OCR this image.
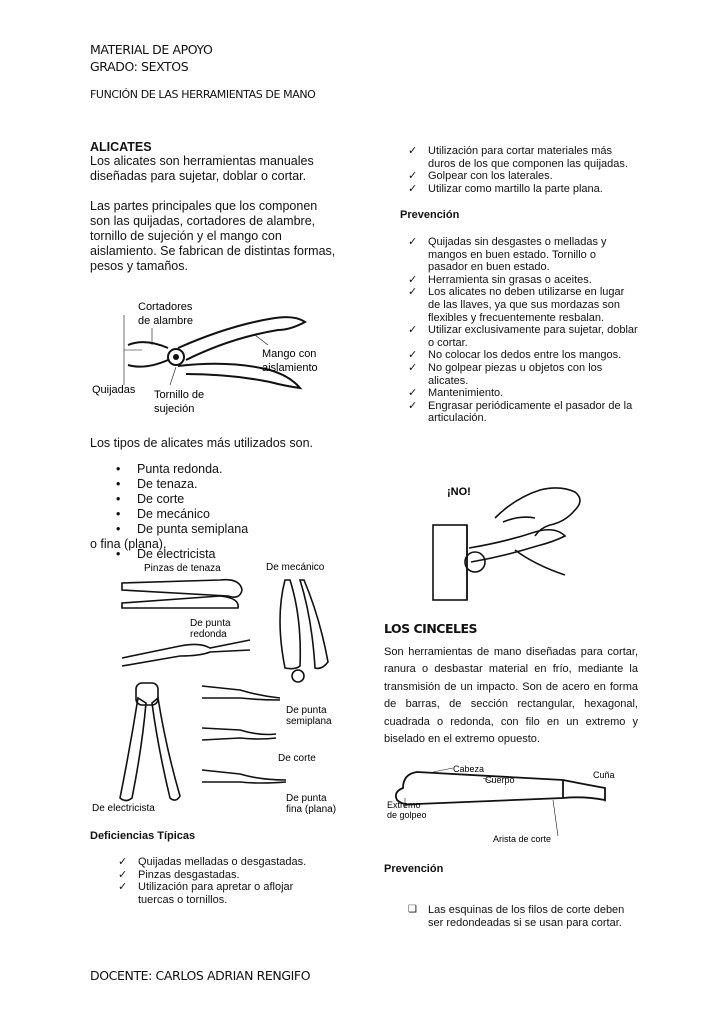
MATERIAL DE APOYO
GRADO: SEXTOS
FUNCIÓN DE LAS HERRAMIENTAS DE MANO
ALICATES
Los alicates son herramientas manuales diseñadas para sujetar, doblar o cortar.
Las partes principales que los componen son las quijadas, cortadores de alambre, tornillo de sujeción y el mango con aislamiento. Se fabrican de distintas formas, pesos y tamaños.
Cortadores
de alambre
Mango con
aislamiento
Quijadas Tornillo de
sujeción
Los tipos de alicates más utilizados son.
• Punta redonda.
• De tenaza.
• De corte
• De mecánico
• De punta semiplana
o fina (plana).
• De electricista
Pinzas de tenaza	De mecánico
De punta
redonda
De punta
semiplana
De corte
De electricista
De punta
fina (plana)
Deficiencias Típicas
✓ Quijadas melladas o desgastadas.
✓ Pinzas desgastadas.
✓ Utilización para apretar o aflojar tuercas o tornillos.
✓ Utilización para cortar materiales más duros de los que componen las quijadas.
✓ Golpear con los laterales.
✓ Utilizar como martillo la parte plana.
Prevención
✓ Quijadas sin desgastes o melladas y mangos en buen estado. Tornillo o pasador en buen estado.
✓ Herramienta sin grasas o aceites.
✓ Los alicates no deben utilizarse en lugar de las llaves, ya que sus mordazas son flexibles y frecuentemente resbalan.
✓ Utilizar exclusivamente para sujetar, doblar o cortar.
✓ No colocar los dedos entre los mangos.
✓ No golpear piezas u objetos con los alicates.
✓ Mantenimiento.
✓ Engrasar periódicamente el pasador de la articulación.
¡NO!
LOS CINCELES
Son herramientas de mano diseñadas para cortar, ranura o desbastar material en frío, mediante la transmisión de un impacto. Son de acero en forma de barras, de sección rectangular, hexagonal, cuadrada o redonda, con filo en un extremo y biselado en el extremo opuesto.
Cabeza
Cuerpo
Extremo
de golpeo
Cuña
Arista de corte
Prevención
❑ Las esquinas de los filos de corte deben ser redondeadas si se usan para cortar.
DOCENTE: CARLOS ADRIAN RENGIFO
